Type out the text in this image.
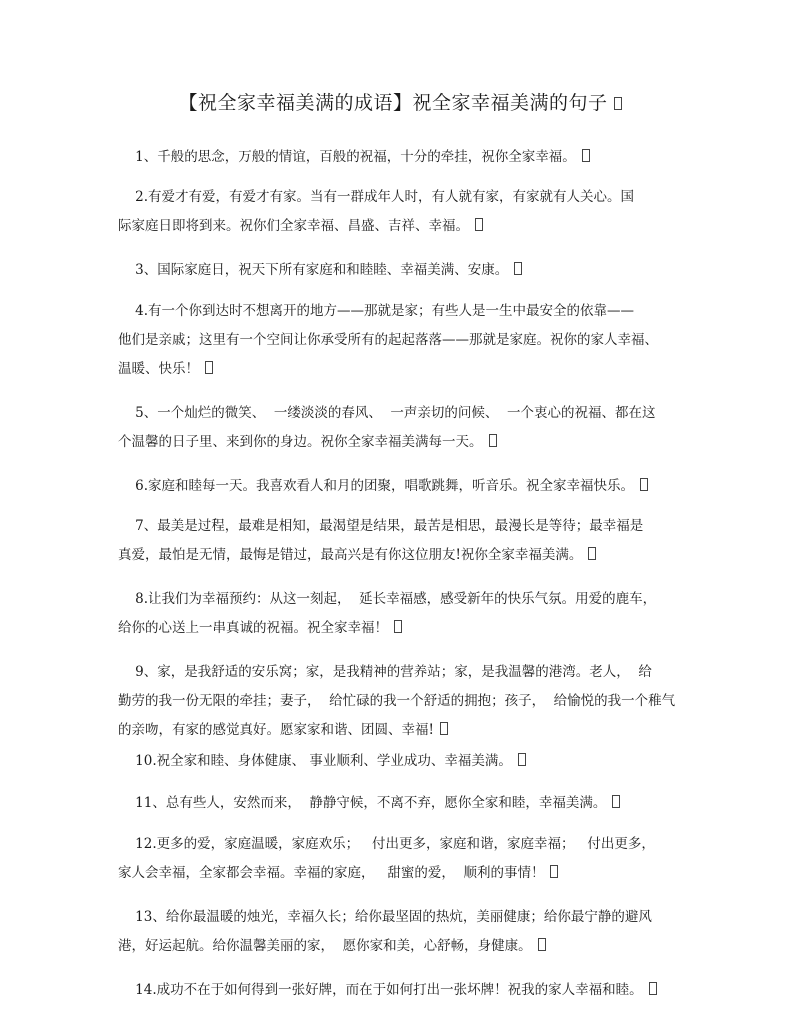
【祝全家幸福美满的成语】祝全家幸福美满的句子
1、千般的思念，万般的情谊，百般的祝福，十分的牵挂，祝你全家幸福。
2.有爱才有爱，有爱才有家。当有一群成年人时，有人就有家，有家就有人关心。国
际家庭日即将到来。祝你们全家幸福、昌盛、吉祥、幸福。
3、国际家庭日，祝天下所有家庭和和睦睦、幸福美满、安康。
4.有一个你到达时不想离开的地方——那就是家；有些人是一生中最安全的依靠——
他们是亲戚；这里有一个空间让你承受所有的起起落落——那就是家庭。祝你的家人幸福、
温暖、快乐！
5、一个灿烂的微笑、  一缕淡淡的春风、  一声亲切的问候、  一个衷心的祝福、都在这
个温馨的日子里、来到你的身边。祝你全家幸福美满每一天。
6.家庭和睦每一天。我喜欢看人和月的团聚，唱歌跳舞，听音乐。祝全家幸福快乐。
7、最美是过程，最难是相知，最渴望是结果，最苦是相思，最漫长是等待；最幸福是
真爱，最怕是无情，最悔是错过，最高兴是有你这位朋友!祝你全家幸福美满。
8.让我们为幸福预约：从这一刻起，  延长幸福感，感受新年的快乐气氛。用爱的鹿车，
给你的心送上一串真诚的祝福。祝全家幸福！
9、家，是我舒适的安乐窝；家，是我精神的营养站；家，是我温馨的港湾。老人，  给
勤劳的我一份无限的牵挂；妻子，  给忙碌的我一个舒适的拥抱；孩子，  给愉悦的我一个稚气
的亲吻，有家的感觉真好。愿家家和谐、团圆、幸福!
10.祝全家和睦、身体健康、 事业顺利、学业成功、幸福美满。
11、总有些人，安然而来，  静静守候，不离不弃，愿你全家和睦，幸福美满。
12.更多的爱，家庭温暖，家庭欢乐；   付出更多，家庭和谐，家庭幸福；   付出更多，
家人会幸福，全家都会幸福。幸福的家庭，   甜蜜的爱，  顺利的事情！
13、给你最温暖的烛光，幸福久长；给你最坚固的热炕，美丽健康；给你最宁静的避风
港，好运起航。给你温馨美丽的家，  愿你家和美，心舒畅，身健康。
14.成功不在于如何得到一张好牌，而在于如何打出一张坏牌！祝我的家人幸福和睦。
